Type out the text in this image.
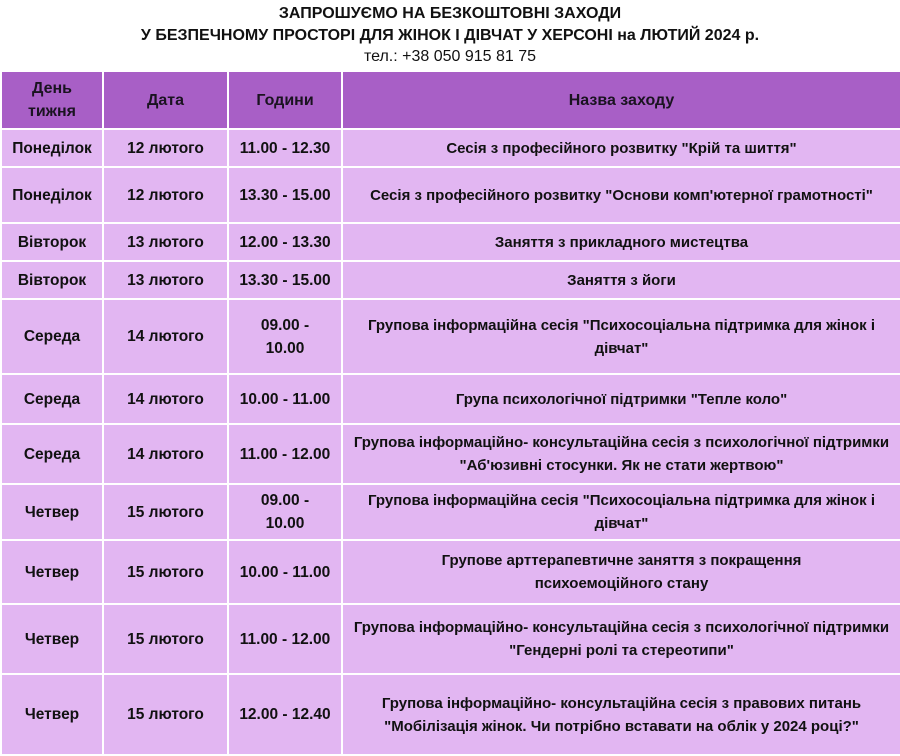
ЗАПРОШУЄМО НА БЕЗКОШТОВНІ ЗАХОДИ
У БЕЗПЕЧНОМУ ПРОСТОРІ ДЛЯ ЖІНОК І ДІВЧАТ У ХЕРСОНІ на ЛЮТИЙ 2024 р.
тел.: +38 050 915 81 75
День тижня	Дата	Години	Назва заходу
Понеділок	12 лютого	11.00 - 12.30	Сесія з професійного розвитку "Крій та шиття"
Понеділок	12 лютого	13.30 - 15.00	Сесія з професійного розвитку "Основи комп'ютерної грамотності"
Вівторок	13 лютого	12.00 - 13.30	Заняття з прикладного мистецтва
Вівторок	13 лютого	13.30 - 15.00	Заняття з йоги
Середа	14 лютого	09.00 - 10.00	Групова інформаційна сесія "Психосоціальна підтримка для жінок і дівчат"
Середа	14 лютого	10.00 - 11.00	Група психологічної підтримки "Тепле коло"
Середа	14 лютого	11.00 - 12.00	Групова інформаційно- консультаційна сесія з психологічної підтримки "Аб'юзивні стосунки. Як не стати жертвою"
Четвер	15 лютого	09.00 - 10.00	Групова інформаційна сесія "Психосоціальна підтримка для жінок і дівчат"
Четвер	15 лютого	10.00 - 11.00	Групове арттерапевтичне заняття з покращення психоемоційного стану
Четвер	15 лютого	11.00 - 12.00	Групова інформаційно- консультаційна сесія з психологічної підтримки "Гендерні ролі та стереотипи"
Четвер	15 лютого	12.00 - 12.40	Групова інформаційно- консультаційна сесія з правових питань "Мобілізація жінок. Чи потрібно вставати на облік у 2024 році?"
